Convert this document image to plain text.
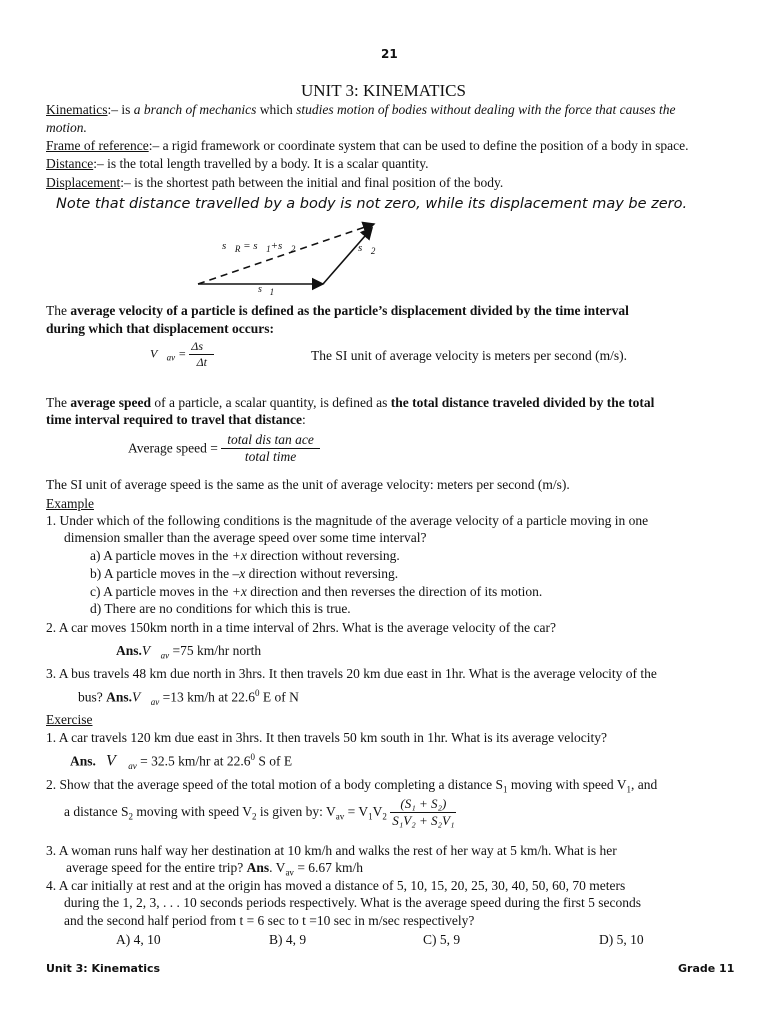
21
UNIT 3: KINEMATICS
Kinematics:– is a branch of mechanics which studies motion of bodies without dealing with the force that causes the
motion.
Frame of reference:– a rigid framework or coordinate system that can be used to define the position of a body in space.
Distance:– is the total length travelled by a body. It is a scalar quantity.
Displacement:– is the shortest path between the initial and final position of the body.
Note that distance travelled by a body is not zero, while its displacement may be zero.
$s⃗_R$ = $s⃗_1+s⃗_2$	$s⃗_2$
$s⃗_1$
The average velocity of a particle is defined as the particle’s displacement divided by the time interval
during which that displacement occurs:
$V⃗_{av} = \frac{\Delta s⃗}{\Delta t}$	The SI unit of average velocity is meters per second (m/s).
The average speed of a particle, a scalar quantity, is defined as the total distance traveled divided by the total
time interval required to travel that distance:
Average speed = $\frac{\text{total dis tan ace}}{\text{total time}}$
The SI unit of average speed is the same as the unit of average velocity: meters per second (m/s).
Example
1. Under which of the following conditions is the magnitude of the average velocity of a particle moving in one
dimension smaller than the average speed over some time interval?
a) A particle moves in the +x direction without reversing.
b) A particle moves in the –x direction without reversing.
c) A particle moves in the +x direction and then reverses the direction of its motion.
d) There are no conditions for which this is true.
2. A car moves 150km north in a time interval of 2hrs. What is the average velocity of the car?
$Ans.V⃗_{av} =75$ km/hr north
3. A bus travels 48 km due north in 3hrs. It then travels 20 km due east in 1hr. What is the average velocity of the
bus? $Ans.V⃗_{av} =13$ km/h at 22.6$^0$ E of N
Exercise
1. A car travels 120 km due east in 3hrs. It then travels 50 km south in 1hr. What is its average velocity?
Ans. $V⃗_{av} = 32.5$ km/hr at 22.6$^0$ S of E
2. Show that the average speed of the total motion of a body completing a distance $S_1$ moving with speed $V_1$, and
a distance $S_2$ moving with speed $V_2$ is given by: $V_{av} = V_1V_2 \frac{\text{(S₁ + S₂)}}{\text{S₁V₂ + S₂V₁}}$
3. A woman runs half way her destination at 10 km/h and walks the rest of her way at 5 km/h. What is her
average speed for the entire trip? Ans. $V_{av} = 6.67$ km/h
4. A car initially at rest and at the origin has moved a distance of 5, 10, 15, 20, 25, 30, 40, 50, 60, 70 meters
during the 1, 2, 3, . . . 10 seconds periods respectively. What is the average speed during the first 5 seconds
and the second half period from t = 6 sec to t =10 sec in m/sec respectively?
A) 4, 10	B) 4, 9	C) 5, 9	D) 5, 10
Unit 3: Kinematics	Grade 11
